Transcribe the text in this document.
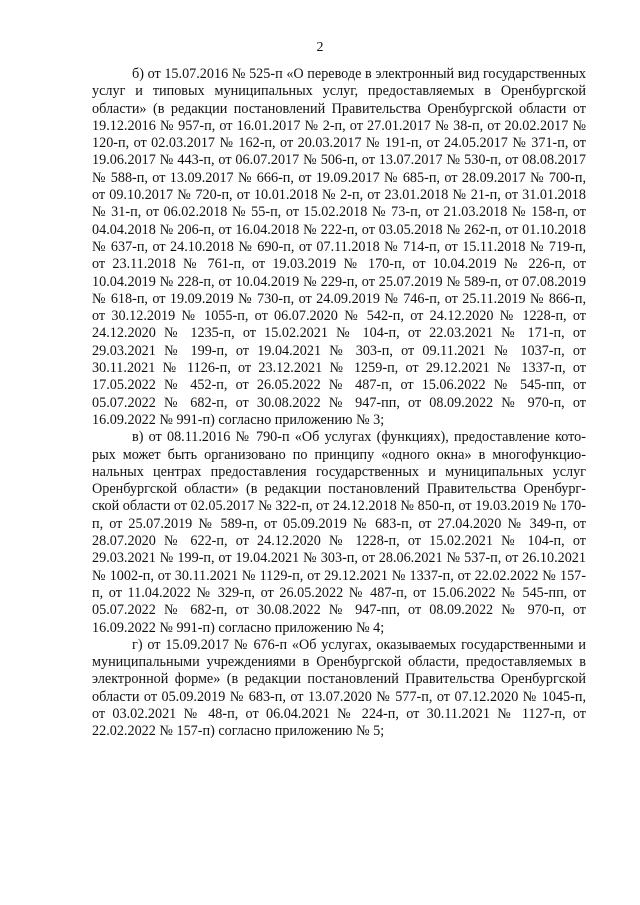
2

б) от 15.07.2016 № 525-п «О переводе в электронный вид государственных услуг и типовых муниципальных услуг, предоставляемых в Оренбургской области» (в редакции постановлений Правительства Оренбургской области от 19.12.2016 № 957-п, от 16.01.2017 № 2-п, от 27.01.2017 № 38-п, от 20.02.2017 № 120-п, от 02.03.2017 № 162-п, от 20.03.2017 № 191-п, от 24.05.2017 № 371-п, от 19.06.2017 № 443-п, от 06.07.2017 № 506-п, от 13.07.2017 № 530-п, от 08.08.2017 № 588-п, от 13.09.2017 № 666-п, от 19.09.2017 № 685-п, от 28.09.2017 № 700-п, от 09.10.2017 № 720-п, от 10.01.2018 № 2-п, от 23.01.2018 № 21-п, от 31.01.2018 № 31-п, от 06.02.2018 № 55-п, от 15.02.2018 № 73-п, от 21.03.2018 № 158-п, от 04.04.2018 № 206-п, от 16.04.2018 № 222-п, от 03.05.2018 № 262-п, от 01.10.2018 № 637-п, от 24.10.2018 № 690-п, от 07.11.2018 № 714-п, от 15.11.2018 № 719-п, от 23.11.2018 № 761-п, от 19.03.2019 № 170-п, от 10.04.2019 № 226-п, от 10.04.2019 № 228-п, от 10.04.2019 № 229-п, от 25.07.2019 № 589-п, от 07.08.2019 № 618-п, от 19.09.2019 № 730-п, от 24.09.2019 № 746-п, от 25.11.2019 № 866-п, от 30.12.2019 № 1055-п, от 06.07.2020 № 542-п, от 24.12.2020 № 1228-п, от 24.12.2020 № 1235-п, от 15.02.2021 № 104-п, от 22.03.2021 № 171-п, от 29.03.2021 № 199-п, от 19.04.2021 № 303-п, от 09.11.2021 № 1037-п, от 30.11.2021 № 1126-п, от 23.12.2021 № 1259-п, от 29.12.2021 № 1337-п, от 17.05.2022 № 452-п, от 26.05.2022 № 487-п, от 15.06.2022 № 545-пп, от 05.07.2022 № 682-п, от 30.08.2022 № 947-пп, от 08.09.2022 № 970-п, от 16.09.2022 № 991-п) согласно приложению № 3;

в) от 08.11.2016 № 790-п «Об услугах (функциях), предоставление которых может быть организовано по принципу «одного окна» в многофункциональных центрах предоставления государственных и муниципальных услуг Оренбургской области» (в редакции постановлений Правительства Оренбургской области от 02.05.2017 № 322-п, от 24.12.2018 № 850-п, от 19.03.2019 № 170-п, от 25.07.2019 № 589-п, от 05.09.2019 № 683-п, от 27.04.2020 № 349-п, от 28.07.2020 № 622-п, от 24.12.2020 № 1228-п, от 15.02.2021 № 104-п, от 29.03.2021 № 199-п, от 19.04.2021 № 303-п, от 28.06.2021 № 537-п, от 26.10.2021 № 1002-п, от 30.11.2021 № 1129-п, от 29.12.2021 № 1337-п, от 22.02.2022 № 157-п, от 11.04.2022 № 329-п, от 26.05.2022 № 487-п, от 15.06.2022 № 545-пп, от 05.07.2022 № 682-п, от 30.08.2022 № 947-пп, от 08.09.2022 № 970-п, от 16.09.2022 № 991-п) согласно приложению № 4;

г) от 15.09.2017 № 676-п «Об услугах, оказываемых государственными и муниципальными учреждениями в Оренбургской области, предоставляемых в электронной форме» (в редакции постановлений Правительства Оренбургской области от 05.09.2019 № 683-п, от 13.07.2020 № 577-п, от 07.12.2020 № 1045-п, от 03.02.2021 № 48-п, от 06.04.2021 № 224-п, от 30.11.2021 № 1127-п, от 22.02.2022 № 157-п) согласно приложению № 5;
